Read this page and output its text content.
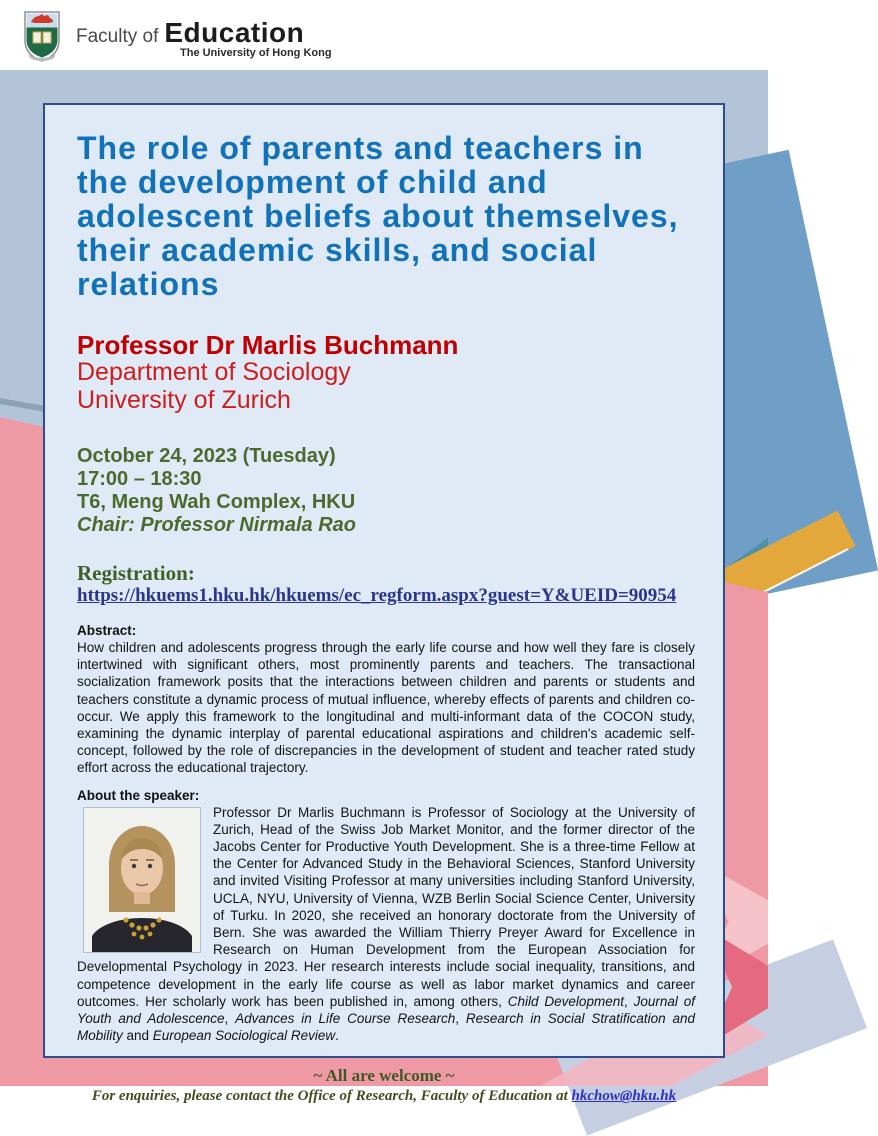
Faculty of Education
The University of Hong Kong
The role of parents and teachers in the development of child and adolescent beliefs about themselves, their academic skills, and social relations
Professor Dr Marlis Buchmann
Department of Sociology
University of Zurich
October 24, 2023 (Tuesday)
17:00 – 18:30
T6, Meng Wah Complex, HKU
Chair: Professor Nirmala Rao
Registration:
https://hkuems1.hku.hk/hkuems/ec_regform.aspx?guest=Y&UEID=90954
Abstract:
How children and adolescents progress through the early life course and how well they fare is closely intertwined with significant others, most prominently parents and teachers. The transactional socialization framework posits that the interactions between children and parents or students and teachers constitute a dynamic process of mutual influence, whereby effects of parents and children co-occur. We apply this framework to the longitudinal and multi-informant data of the COCON study, examining the dynamic interplay of parental educational aspirations and children's academic self-concept, followed by the role of discrepancies in the development of student and teacher rated study effort across the educational trajectory.
About the speaker:
Professor Dr Marlis Buchmann is Professor of Sociology at the University of Zurich, Head of the Swiss Job Market Monitor, and the former director of the Jacobs Center for Productive Youth Development. She is a three-time Fellow at the Center for Advanced Study in the Behavioral Sciences, Stanford University and invited Visiting Professor at many universities including Stanford University, UCLA, NYU, University of Vienna, WZB Berlin Social Science Center, University of Turku. In 2020, she received an honorary doctorate from the University of Bern. She was awarded the William Thierry Preyer Award for Excellence in Research on Human Development from the European Association for Developmental Psychology in 2023. Her research interests include social inequality, transitions, and competence development in the early life course as well as labor market dynamics and career outcomes. Her scholarly work has been published in, among others, Child Development, Journal of Youth and Adolescence, Advances in Life Course Research, Research in Social Stratification and Mobility and European Sociological Review.
~ All are welcome ~
For enquiries, please contact the Office of Research, Faculty of Education at hkchow@hku.hk
